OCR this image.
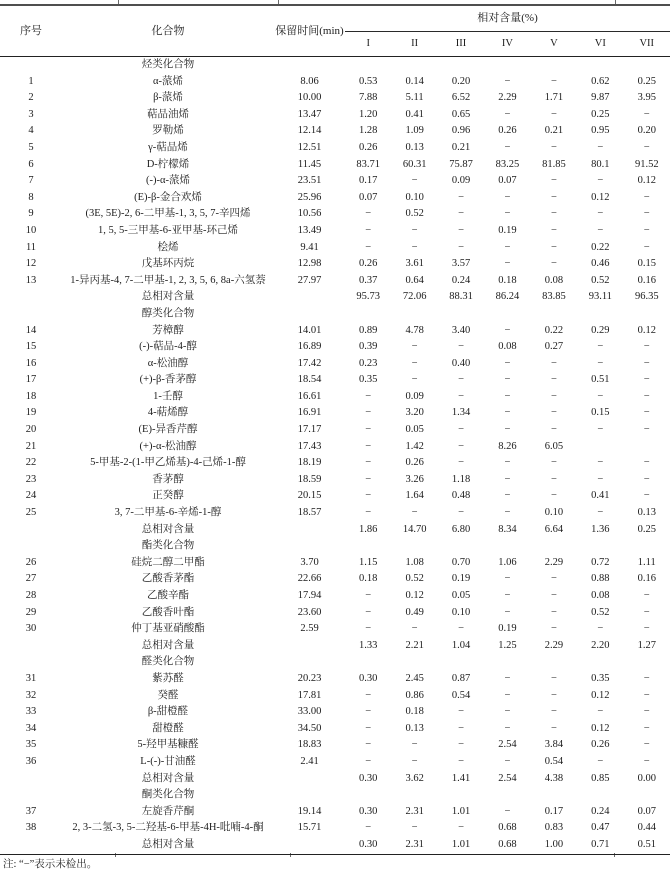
序号	化合物	保留时间(min)	相对含量(%)						
			I	II	III	IV	V	VI	VII
	烃类化合物								
1	α-蒎烯	8.06	0.53	0.14	0.20	−	−	0.62	0.25
2	β-蒎烯	10.00	7.88	5.11	6.52	2.29	1.71	9.87	3.95
3	萜品油烯	13.47	1.20	0.41	0.65	−	−	0.25	−
4	罗勒烯	12.14	1.28	1.09	0.96	0.26	0.21	0.95	0.20
5	γ-萜品烯	12.51	0.26	0.13	0.21	−	−	−	−
6	D-柠檬烯	11.45	83.71	60.31	75.87	83.25	81.85	80.1	91.52
7	(-)-α-蒎烯	23.51	0.17	−	0.09	0.07	−	−	0.12
8	(E)-β-金合欢烯	25.96	0.07	0.10	−	−	−	0.12	−
9	(3E, 5E)-2, 6-二甲基-1, 3, 5, 7-辛四烯	10.56	−	0.52	−	−	−	−	−
10	1, 5, 5-三甲基-6-亚甲基-环己烯	13.49	−	−	−	0.19	−	−	−
11	桧烯	9.41	−	−	−	−	−	0.22	−
12	戊基环丙烷	12.98	0.26	3.61	3.57	−	−	0.46	0.15
13	1-异丙基-4, 7-二甲基-1, 2, 3, 5, 6, 8a-六氢萘	27.97	0.37	0.64	0.24	0.18	0.08	0.52	0.16
	总相对含量		95.73	72.06	88.31	86.24	83.85	93.11	96.35
	醇类化合物								
14	芳樟醇	14.01	0.89	4.78	3.40	−	0.22	0.29	0.12
15	(-)-萜品-4-醇	16.89	0.39	−	−	0.08	0.27	−	−
16	α-松油醇	17.42	0.23	−	0.40	−	−	−	−
17	(+)-β-香茅醇	18.54	0.35	−	−	−	−	0.51	−
18	1-壬醇	16.61	−	0.09	−	−	−	−	−
19	4-萜烯醇	16.91	−	3.20	1.34	−	−	0.15	−
20	(E)-异香芹醇	17.17	−	0.05	−	−	−	−	−
21	(+)-α-松油醇	17.43	−	1.42	−	8.26	6.05		
22	5-甲基-2-(1-甲乙烯基)-4-己烯-1-醇	18.19	−	0.26	−	−	−	−	−
23	香茅醇	18.59	−	3.26	1.18	−	−	−	−
24	正癸醇	20.15	−	1.64	0.48	−	−	0.41	−
25	3, 7-二甲基-6-辛烯-1-醇	18.57	−	−	−	−	0.10	−	0.13
	总相对含量		1.86	14.70	6.80	8.34	6.64	1.36	0.25
	酯类化合物								
26	硅烷二醇二甲酯	3.70	1.15	1.08	0.70	1.06	2.29	0.72	1.11
27	乙酸香茅酯	22.66	0.18	0.52	0.19	−	−	0.88	0.16
28	乙酸辛酯	17.94	−	0.12	0.05	−	−	0.08	−
29	乙酸香叶酯	23.60	−	0.49	0.10	−	−	0.52	−
30	仲丁基亚硝酸酯	2.59	−	−	−	0.19	−	−	−
	总相对含量		1.33	2.21	1.04	1.25	2.29	2.20	1.27
	醛类化合物								
31	紫苏醛	20.23	0.30	2.45	0.87	−	−	0.35	−
32	癸醛	17.81	−	0.86	0.54	−	−	0.12	−
33	β-甜橙醛	33.00	−	0.18	−	−	−	−	−
34	甜橙醛	34.50	−	0.13	−	−	−	0.12	−
35	5-羟甲基糠醛	18.83	−	−	−	2.54	3.84	0.26	−
36	L-(-)-甘油醛	2.41	−	−	−	−	0.54	−	−
	总相对含量		0.30	3.62	1.41	2.54	4.38	0.85	0.00
	酮类化合物								
37	左旋香芹酮	19.14	0.30	2.31	1.01	−	0.17	0.24	0.07
38	2, 3-二氢-3, 5-二羟基-6-甲基-4H-吡喃-4-酮	15.71	−	−	−	0.68	0.83	0.47	0.44
	总相对含量		0.30	2.31	1.01	0.68	1.00	0.71	0.51
注: “−”表示未检出。
